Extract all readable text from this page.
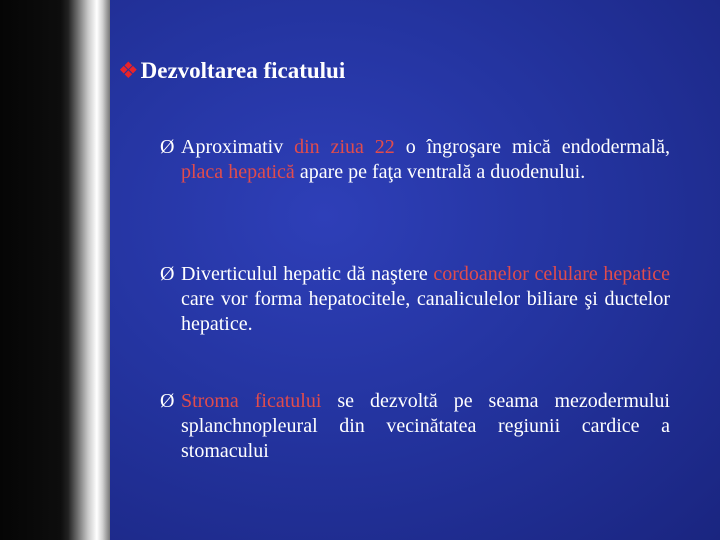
❖Dezvoltarea ficatului
Ø Aproximativ din ziua 22 o îngroşare mică endodermală, placa hepatică apare pe faţa ventrală a duodenului.
Ø Diverticulul hepatic dă naştere cordoanelor celulare hepatice care vor forma hepatocitele, canaliculelor biliare şi ductelor hepatice.
Ø Stroma ficatului se dezvoltă pe seama mezodermului splanchnopleural din vecinătatea regiunii cardice a stomacului
